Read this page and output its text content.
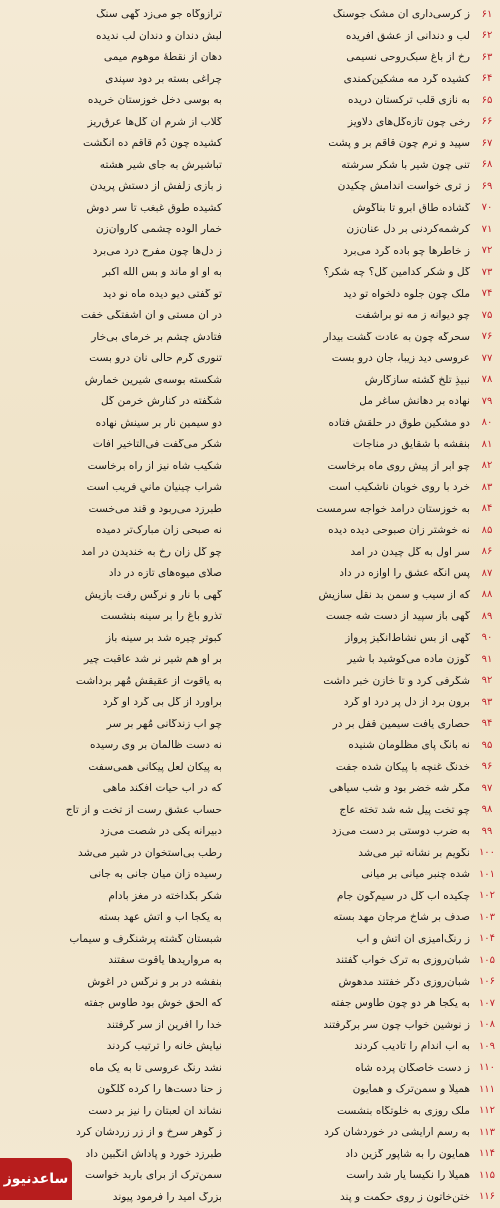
۶۱
ز کرسی‌داری آن مشک جوسنگ
ترازوگاه جو می‌زد گهی سنگ
۶۲
لب و دندانی از عشق آفریده
لبش دندان و دندان لب ندیده
۶۳
رخ از باغ سبک‌روحی نسیمی
دهان از نقطهٔ موهوم میمی
۶۴
کشیده گرد مه مشکین‌کمندی
چراغی بسته بر دود سپندی
۶۵
به نازی قلب ترکستان دریده
به بوسی دخل خوزستان خریده
۶۶
رخی چون تازه‌گل‌های دلاویز
گلاب از شرم آن گل‌ها عرق‌ریز
۶۷
سپید و نرم چون قاقم بر و پشت
کشیده چون دُم قاقم ده انگشت
۶۸
تنی چون شیر با شکر سرشته
تباشیرش به جای شیر هشته
۶۹
ز تری خواست اندامش چکیدن
ز بازی زلفش از دستش پریدن
۷۰
گشاده طاق ابرو تا بناگوش
کشیده طوق غبغب تا سر دوش
۷۱
کرشمه‌کردنی بر دل عنان‌زن
خمار آلوده چشمی کاروان‌زن
۷۲
ز خاطرها چو باده گرد می‌برد
ز دل‌ها چون مفرح درد می‌برد
۷۳
گل و شکر کدامین گل؟ چه شکر؟
به او او ماند و بس الله اکبر
۷۴
ملک چون جلوه دلخواه تو دید
تو گفتی دیو دیده ماه نو دید
۷۵
چو دیوانه ز مه نو برآشفت
در آن مستی و آن آشفتگی خفت
۷۶
سحرگه چون به عادت گشت بیدار
فتادش چشم بر خرمای بی‌خار
۷۷
عروسی دید زیبا، جان درو بست
تنوری گرم حالی نان درو بست
۷۸
نبیذِ تلخ گشته سازگارش
شکسته بوسه‌ی شیرین خمارش
۷۹
نهاده بر دهانش ساغر مل
شگفته در کنارش خرمن گل
۸۰
دو مشکین طوق در حلقش فتاده
دو سیمین نار بر سینش نهاده
۸۱
بنفشه با شقایق در مناجات
شکر می‌گفت فی‌التاخیر آفات
۸۲
چو ابر از پیش روی ماه برخاست
شکیب شاه نیز از راه برخاست
۸۳
خرد با روی خوبان ناشکیب است
شراب چینیان مانیِ فریب است
۸۴
به خوزستان درآمد خواجه سرمست
طبرزد می‌ربود و قند می‌خست
۸۵
نه خوشتر زان صبوحی دیده دیده
نه صبحی زان مبارک‌تر دمیده
۸۶
سر اول به گل چیدن در آمد
چو گل زان رخ به خندیدن در آمد
۸۷
پس آنگه عشق را آوازه در داد
صلای میوه‌های تازه در داد
۸۸
که از سیب و سمن بد نقل سازیش
گهی با نار و نرگس رفت بازیش
۸۹
گهی باز سپید از دست شه جست
تذرو باغ را بر سینه بنشست
۹۰
گهی از بس نشاط‌انگیز پرواز
کبوتر چیره شد بر سینه باز
۹۱
گوزن ماده می‌کوشید با شیر
بر او هم شیر نر شد عاقبت چیر
۹۲
شگرفی کرد و تا خازن خبر داشت
به یاقوت از عقیقش مُهر برداشت
۹۳
برون برد از دل پر درد او گرد
برآورد از گل بی گرد او گرد
۹۴
حصاری یافت سیمین قفل بر در
چو آب زندگانی مُهر بر سر
۹۵
نه بانگ پای مظلومان شنیده
نه دست ظالمان بر وی رسیده
۹۶
خدنگ غنچه با پیکان شده جفت
به پیکان لعل پیکانی همی‌سفت
۹۷
مگر شه خضر بود و شب سیاهی
که در آب حیات افکند ماهی
۹۸
چو تخت پیل شه شد تخته عاج
حساب عشق رست از تخت و از تاج
۹۹
به ضرب دوستی بر دست می‌زد
دبیرانه یکی در شصت می‌زد
۱۰۰
نگویم بر نشانه تیر می‌شد
رطب بی‌استخوان در شیر می‌شد
۱۰۱
شده چنبر میانی بر میانی
رسیده زان میان جانی به جانی
۱۰۲
چکیده آب گل در سیم‌گون جام
شکر بگداخته در مغز بادام
۱۰۳
صدف بر شاخ مرجان مهد بسته
به یکجا آب و آتش عهد بسته
۱۰۴
ز رنگ‌آمیزی آن آتش و آب
شبستان گشته پرشنگرف و سیماب
۱۰۵
شبان‌روزی به ترک خواب گفتند
به مرواریدها یاقوت سفتند
۱۰۶
شبان‌روزی دگر خفتند مدهوش
بنفشه در بر و نرگس در آغوش
۱۰۷
به یکجا هر دو چون طاوس جفته
که الحق خوش بود طاوس جفته
۱۰۸
ز نوشین خواب چون سر برگرفتند
خدا را آفرین از سر گرفتند
۱۰۹
به آب اندام را تادیب کردند
نیایش خانه را ترتیب کردند
۱۱۰
ز دست خاصگان پرده شاه
نشد رنگ عروسی تا به یک ماه
۱۱۱
همیلا و سمن‌ترک و همایون
ز حنا دست‌ها را کرده گلگون
۱۱۲
ملک روزی به خلوتگاه بنشست
نشاند آن لعبتان را نیز بر دست
۱۱۳
به رسم آرایشی در خوردشان کرد
ز گوهر سرخ و از زر زردشان کرد
۱۱۴
همایون را به شاپور گزین داد
طبرزد خورد و پاداش انگبین داد
۱۱۵
همیلا را نکیسا یار شد راست
سمن‌ترک از برای باربد خواست
۱۱۶
ختن‌خاتون ز روی حکمت و پند
بزرگ امید را فرمود پیوند
ساعدنیوز
